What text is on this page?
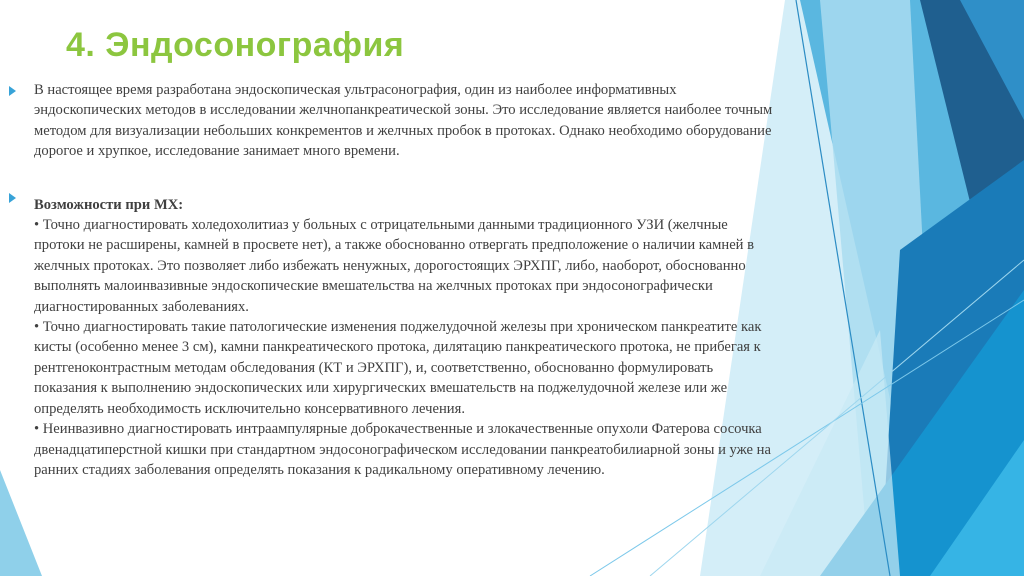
4. Эндосонография

В настоящее время разработана эндоскопическая ультрасонография, один из наиболее информативных эндоскопических методов в исследовании желчнопанкреатической зоны. Это исследование является наиболее точным методом для визуализации небольших конкрементов и желчных пробок в протоках. Однако необходимо оборудование дорогое и хрупкое, исследование занимает много времени.

Возможности при МХ:

• Точно диагностировать холедохолитиаз у больных с отрицательными данными традиционного УЗИ (желчные протоки не расширены, камней в просвете нет), а также обоснованно отвергать предположение о наличии камней в желчных протоках. Это позволяет либо избежать ненужных, дорогостоящих ЭРХПГ, либо, наоборот, обоснованно выполнять малоинвазивные эндоскопические вмешательства на желчных протоках при эндосонографически диагностированных заболеваниях.

• Точно диагностировать такие патологические изменения поджелудочной железы при хроническом панкреатите как кисты (особенно менее 3 см), камни панкреатического протока, дилятацию панкреатического протока, не прибегая к рентгеноконтрастным методам обследования (КТ и ЭРХПГ), и, соответственно, обоснованно формулировать показания к выполнению эндоскопических или хирургических вмешательств на поджелудочной железе или же определять необходимость исключительно консервативного лечения.

• Неинвазивно диагностировать интраампулярные доброкачественные и злокачественные опухоли Фатерова сосочка двенадцатиперстной кишки при стандартном эндосонографическом исследовании панкреатобилиарной зоны и уже на ранних стадиях заболевания определять показания к радикальному оперативному лечению.
